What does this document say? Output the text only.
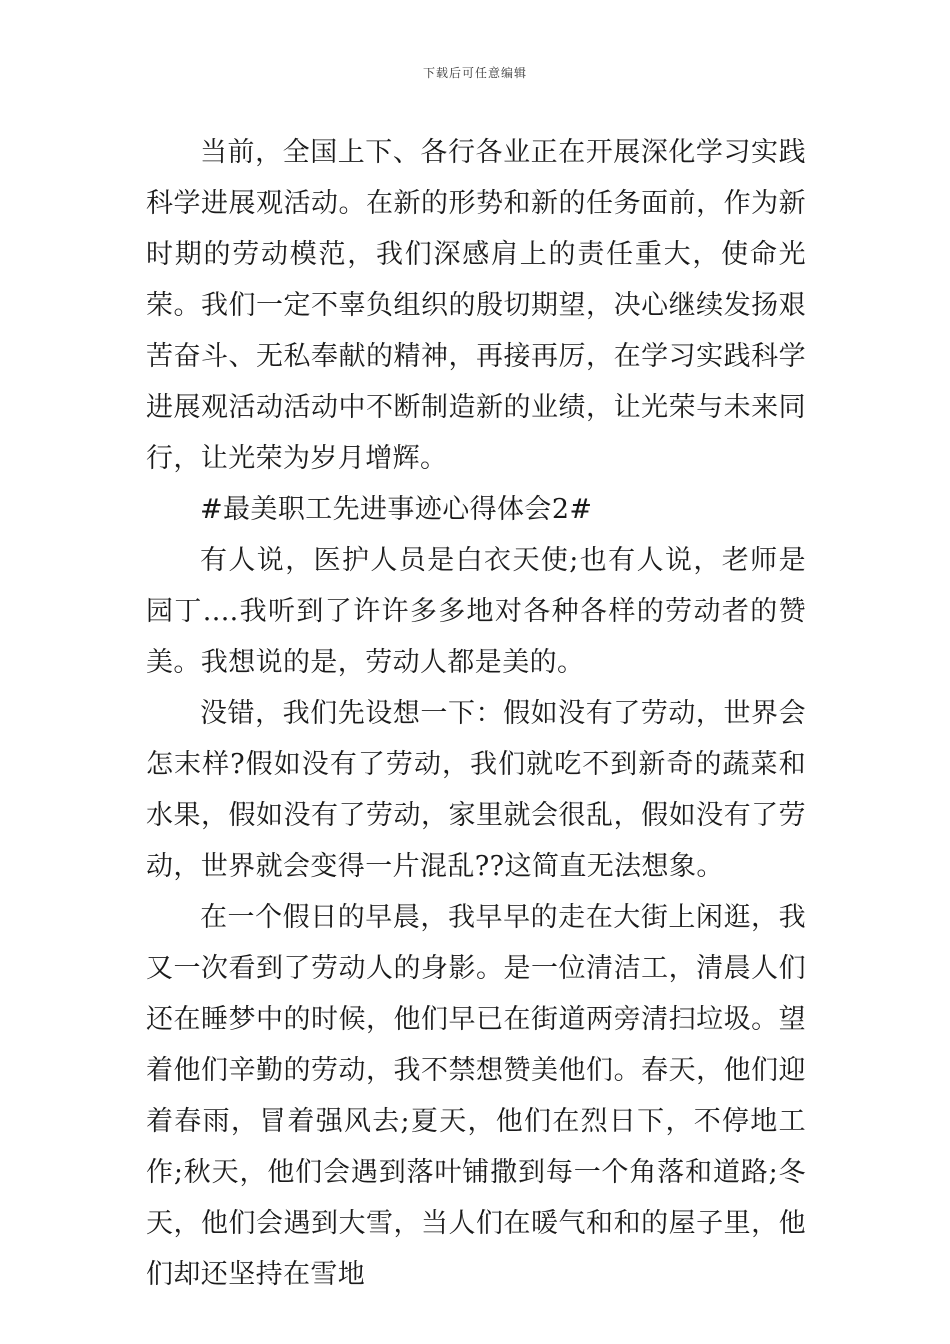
下载后可任意编辑

当前，全国上下、各行各业正在开展深化学习实践科学进展观活动。在新的形势和新的任务面前，作为新时期的劳动模范，我们深感肩上的责任重大，使命光荣。我们一定不辜负组织的殷切期望，决心继续发扬艰苦奋斗、无私奉献的精神，再接再厉，在学习实践科学进展观活动活动中不断制造新的业绩，让光荣与未来同行，让光荣为岁月增辉。

#最美职工先进事迹心得体会2#

有人说，医护人员是白衣天使;也有人说，老师是园丁....我听到了许许多多地对各种各样的劳动者的赞美。我想说的是，劳动人都是美的。

没错，我们先设想一下：假如没有了劳动，世界会怎末样?假如没有了劳动，我们就吃不到新奇的蔬菜和水果，假如没有了劳动，家里就会很乱，假如没有了劳动，世界就会变得一片混乱??这简直无法想象。

在一个假日的早晨，我早早的走在大街上闲逛，我又一次看到了劳动人的身影。是一位清洁工，清晨人们还在睡梦中的时候，他们早已在街道两旁清扫垃圾。望着他们辛勤的劳动，我不禁想赞美他们。春天，他们迎着春雨，冒着强风去;夏天，他们在烈日下，不停地工作;秋天，他们会遇到落叶铺撒到每一个角落和道路;冬天，他们会遇到大雪，当人们在暖气和和的屋子里，他们却还坚持在雪地
